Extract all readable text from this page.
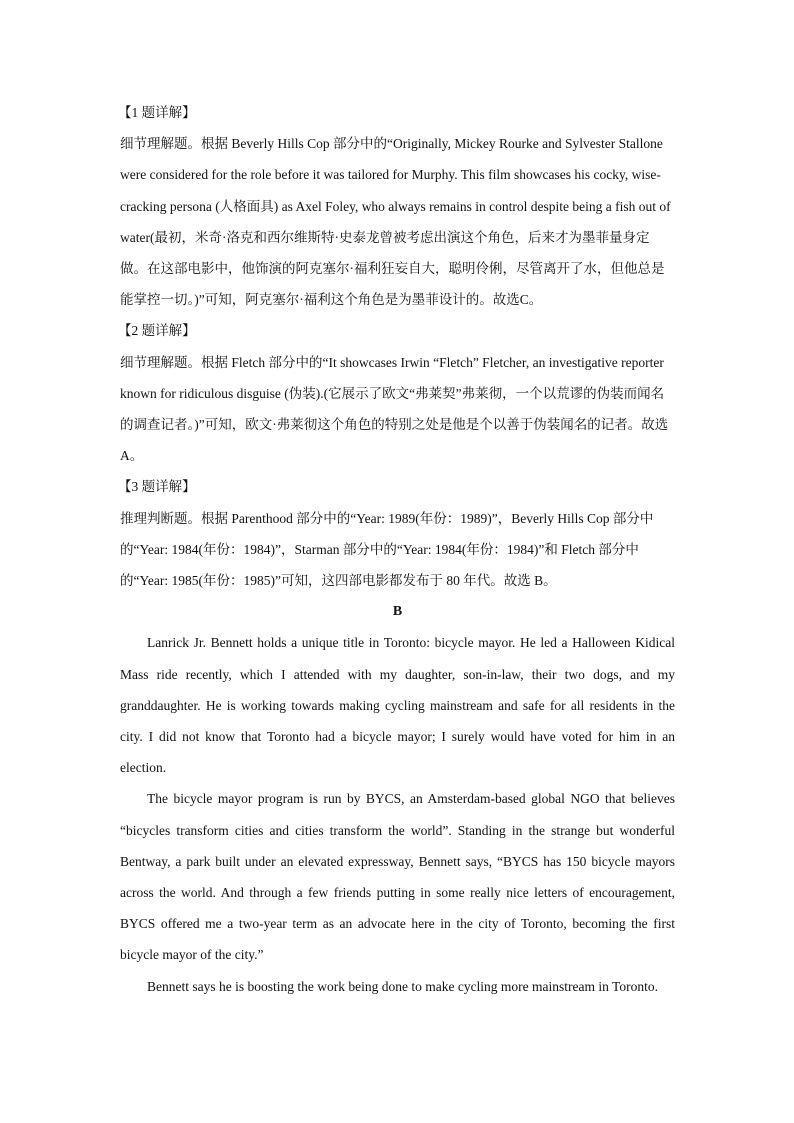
【1 题详解】

细节理解题。根据 Beverly Hills Cop 部分中的“Originally, Mickey Rourke and Sylvester Stallone were considered for the role before it was tailored for Murphy. This film showcases his cocky, wise-cracking persona (人格面具) as Axel Foley, who always remains in control despite being a fish out of water(最初，米奇·洛克和西尔维斯特·史泰龙曾被考虑出演这个角色，后来才为墨菲量身定做。在这部电影中，他饰演的阿克塞尔·福利狂妄自大，聪明伶俐，尽管离开了水，但他总是能掌控一切。)”可知，阿克塞尔·福利这个角色是为墨菲设计的。故选C。

【2 题详解】

细节理解题。根据 Fletch 部分中的“It showcases Irwin “Fletch” Fletcher, an investigative reporter known for ridiculous disguise (伪装).(它展示了欧文“弗莱契”弗莱彻，一个以荒谬的伪装而闻名的调查记者。)”可知，欧文·弗莱彻这个角色的特别之处是他是个以善于伪装闻名的记者。故选 A。

【3 题详解】

推理判断题。根据 Parenthood 部分中的“Year: 1989(年份：1989)”，Beverly Hills Cop 部分中的“Year: 1984(年份：1984)”，Starman 部分中的“Year: 1984(年份：1984)”和 Fletch 部分中的“Year: 1985(年份：1985)”可知，这四部电影都发布于 80 年代。故选 B。

B

Lanrick Jr. Bennett holds a unique title in Toronto: bicycle mayor. He led a Halloween Kidical Mass ride recently, which I attended with my daughter, son-in-law, their two dogs, and my granddaughter. He is working towards making cycling mainstream and safe for all residents in the city. I did not know that Toronto had a bicycle mayor; I surely would have voted for him in an election.

The bicycle mayor program is run by BYCS, an Amsterdam-based global NGO that believes “bicycles transform cities and cities transform the world”. Standing in the strange but wonderful Bentway, a park built under an elevated expressway, Bennett says, “BYCS has 150 bicycle mayors across the world. And through a few friends putting in some really nice letters of encouragement, BYCS offered me a two-year term as an advocate here in the city of Toronto, becoming the first bicycle mayor of the city.”

Bennett says he is boosting the work being done to make cycling more mainstream in Toronto.
